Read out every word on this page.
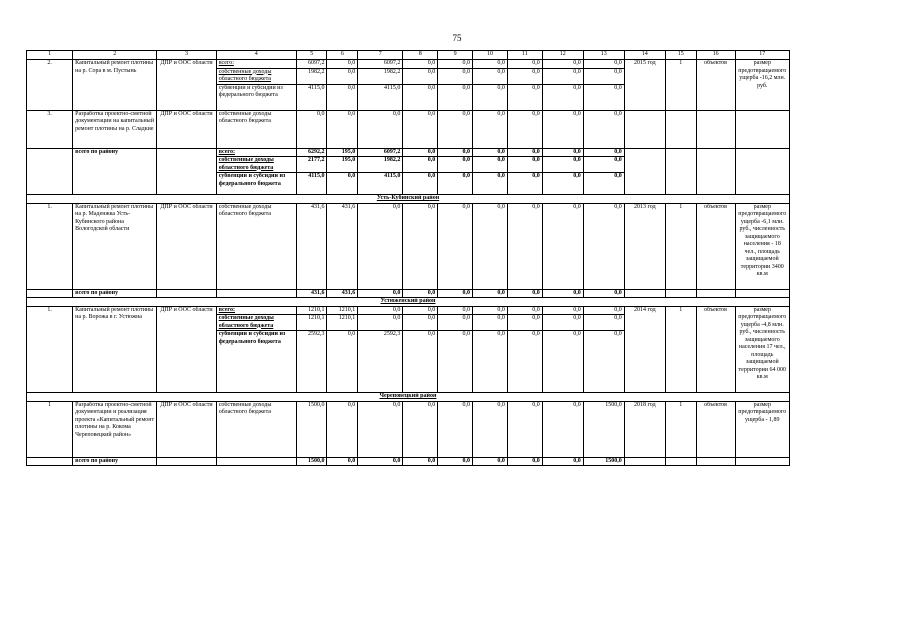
75
1	2	3	4	5	6	7	8	9	10	11	12	13	14	15	16	17
2.	Капитальный ремонт плотины на р. Сора в м. Пустынь	ДПР и ООС области	всего:	6097,2	0,0	6097,2	0,0	0,0	0,0	0,0	0,0	0,0	2015 год	1	объектов	размер предотвращаемого ущерба -16,2 млн. руб.
			собственные доходы областного бюджета	1982,2	0,0	1982,2	0,0	0,0	0,0	0,0	0,0	0,0				
			субвенции и субсидии из федерального бюджета	4115,0	0,0	4115,0	0,0	0,0	0,0	0,0	0,0	0,0				
3.	Разработка проектно-сметной документации на капитальный ремонт плотины на р. Сладкие	ДПР и ООС области	собственные доходы областного бюджета	0,0	0,0	0,0	0,0	0,0	0,0	0,0	0,0	0,0				
	всего по району		всего:	6292,2	195,0	6097,2	0,0	0,0	0,0	0,0	0,0	0,0				
			собственные доходы областного бюджета	2177,2	195,0	1982,2	0,0	0,0	0,0	0,0	0,0	0,0				
			субвенции и субсидии из федерального бюджета	4115,0	0,0	4115,0	0,0	0,0	0,0	0,0	0,0	0,0				
Усть-Кубинский район																
1.	Капитальный ремонт плотины на р. Маденжка Усть-Кубинского района Вологодской области	ДПР и ООС области	собственные доходы областного бюджета	431,6	431,6	0,0	0,0	0,0	0,0	0,0	0,0	0,0	2013 год	1	объектов	размер предотвращаемого ущерба -6,1 млн. руб., численность защищаемого населения - 18 чел., площадь защищаемой территории 3400 кв.м
	всего по району			431,6	431,6	0,0	0,0	0,0	0,0	0,0	0,0	0,0				
Устюженский район																
1.	Капитальный ремонт плотины на р. Ворожа в г. Устюжна	ДПР и ООС области	всего:	1210,1	1210,1	0,0	0,0	0,0	0,0	0,0	0,0	0,0	2014 год	1	объектов	размер предотвращаемого ущерба -4,8 млн. руб., численность защищаемого населения 17 чел., площадь защищаемой территории 64 000 кв.м
			собственные доходы областного бюджета	1210,1	1210,1	0,0	0,0	0,0	0,0	0,0	0,0	0,0				
			субвенции и субсидии из федерального бюджета	2592,3	0,0	2592,3	0,0	0,0	0,0	0,0	0,0	0,0				
Череповецкий район																
1	Разработка проектно-сметной документации и реализация проекта «Капитальный ремонт плотины на р. Кокома Череповецкий район»	ДПР и ООС области	собственные доходы областного бюджета	1500,0	0,0	0,0	0,0	0,0	0,0	0,0	0,0	1500,0	2018 год	1	объектов	размер предотвращаемого ущерба - 1,89
	всего по району			1500,0	0,0	0,0	0,0	0,0	0,0	0,0	0,0	1500,0				
